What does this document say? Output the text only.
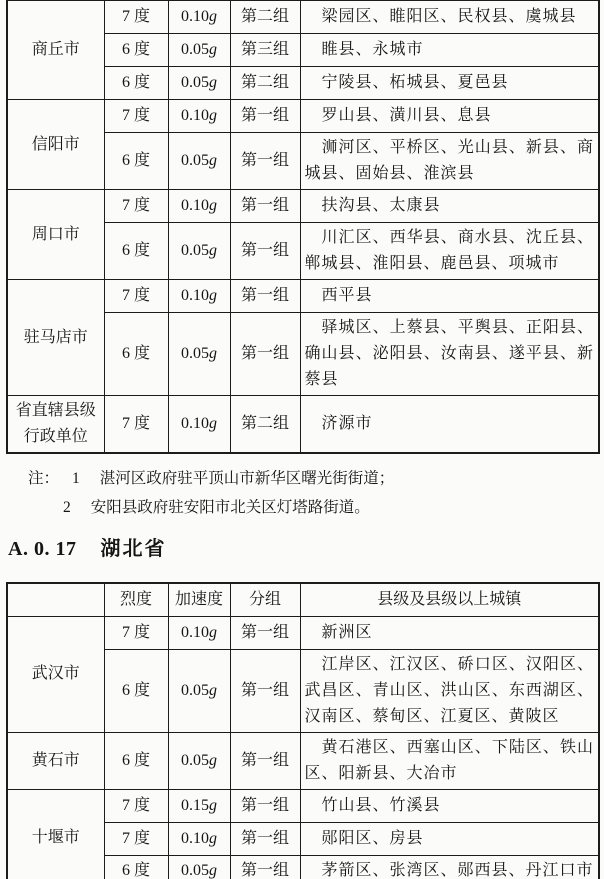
商丘市	7 度	0.10g	第二组	梁园区、睢阳区、民权县、虞城县
	6 度	0.05g	第三组	睢县、永城市
	6 度	0.05g	第二组	宁陵县、柘城县、夏邑县
信阳市	7 度	0.10g	第一组	罗山县、潢川县、息县
	6 度	0.05g	第一组	浉河区、平桥区、光山县、新县、商城县、固始县、淮滨县
周口市	7 度	0.10g	第一组	扶沟县、太康县
	6 度	0.05g	第一组	川汇区、西华县、商水县、沈丘县、郸城县、淮阳县、鹿邑县、项城市
驻马店市	7 度	0.10g	第一组	西平县
	6 度	0.05g	第一组	驿城区、上蔡县、平舆县、正阳县、确山县、泌阳县、汝南县、遂平县、新蔡县
省直辖县级行政单位	7 度	0.10g	第二组	济源市
注： 1 湛河区政府驻平顶山市新华区曙光街街道；
2 安阳县政府驻安阳市北关区灯塔路街道。
A. 0. 17 湖北省
	烈度	加速度	分组	县级及县级以上城镇
武汉市	7 度	0.10g	第一组	新洲区
	6 度	0.05g	第一组	江岸区、江汉区、硚口区、汉阳区、武昌区、青山区、洪山区、东西湖区、汉南区、蔡甸区、江夏区、黄陂区
黄石市	6 度	0.05g	第一组	黄石港区、西塞山区、下陆区、铁山区、阳新县、大冶市
十堰市	7 度	0.15g	第一组	竹山县、竹溪县
	7 度	0.10g	第一组	郧阳区、房县
	6 度	0.05g	第一组	茅箭区、张湾区、郧西县、丹江口市
